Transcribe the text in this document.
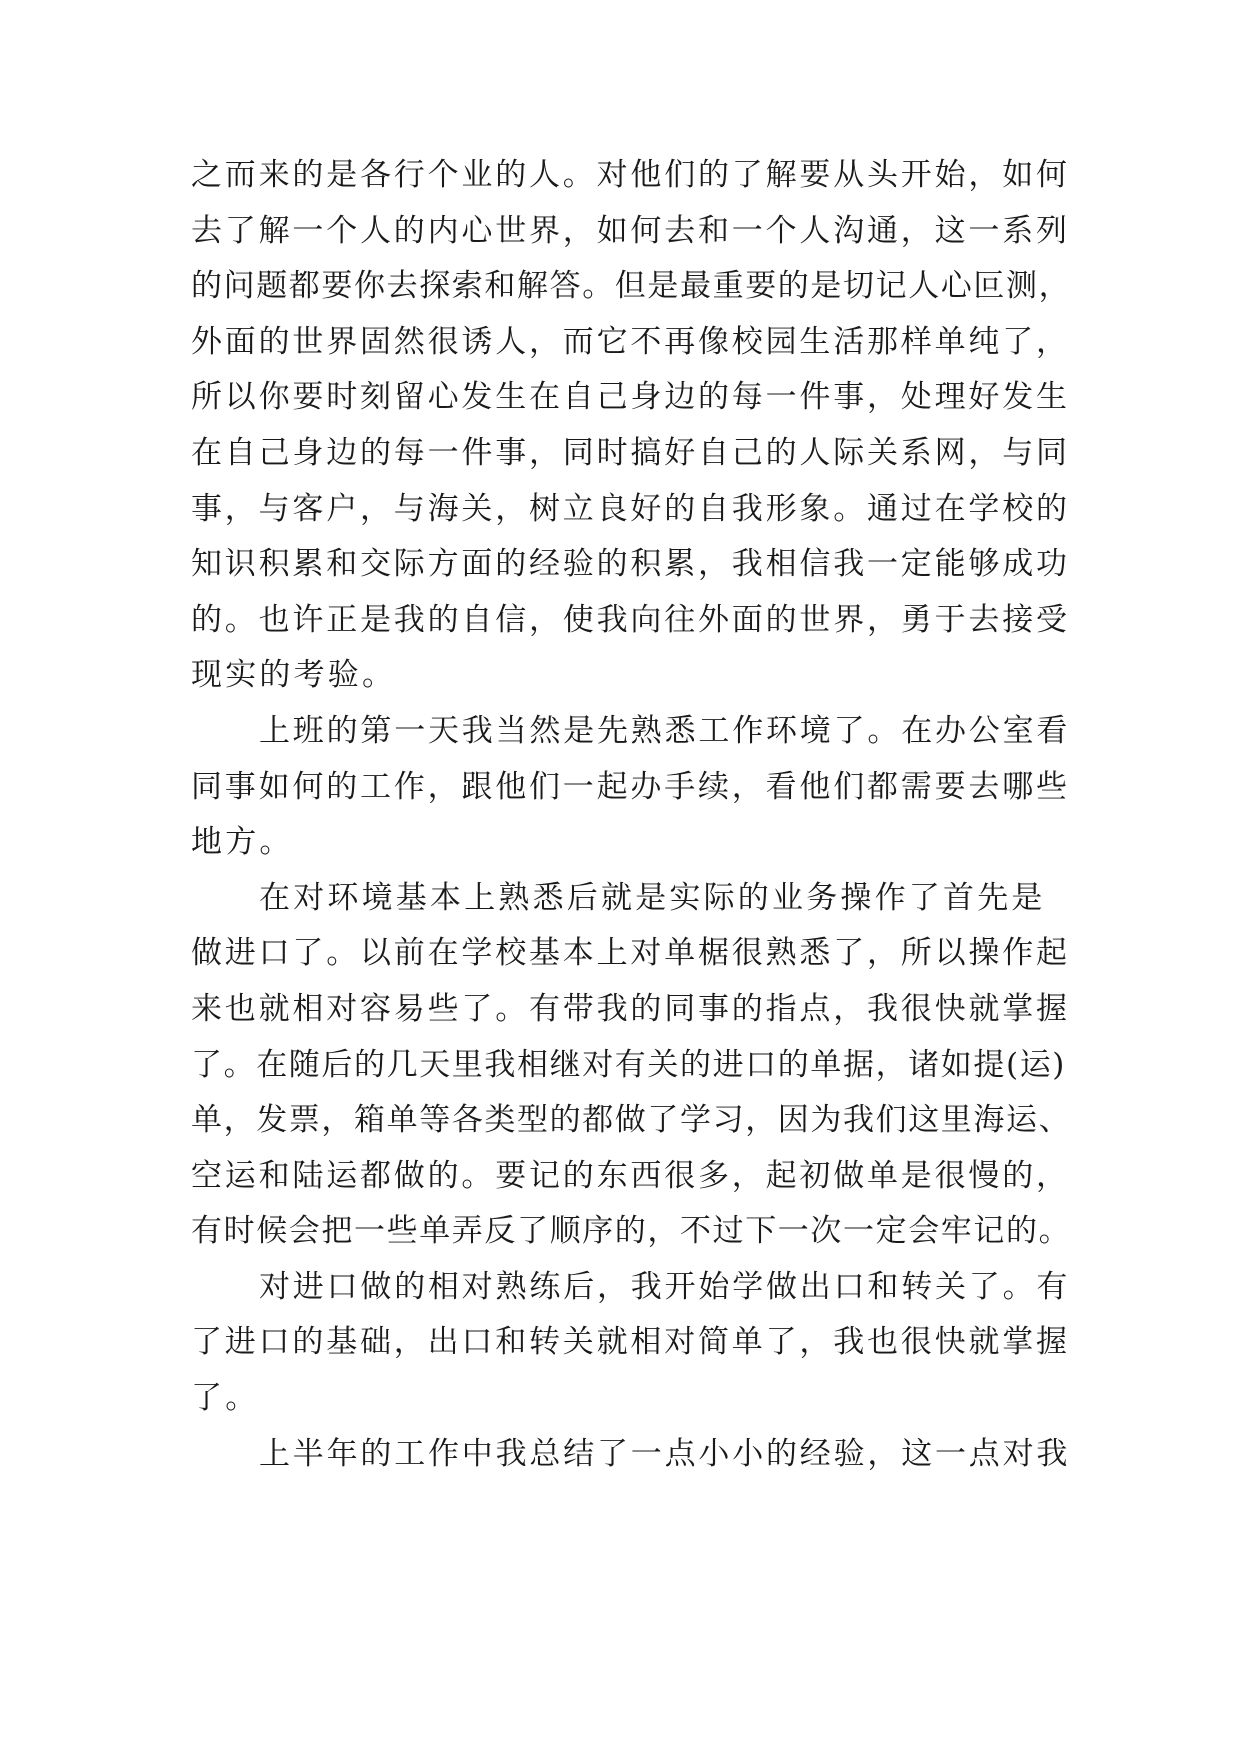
之而来的是各行个业的人。对他们的了解要从头开始，如何
去了解一个人的内心世界，如何去和一个人沟通，这一系列
的问题都要你去探索和解答。但是最重要的是切记人心叵测，
外面的世界固然很诱人，而它不再像校园生活那样单纯了，
所以你要时刻留心发生在自己身边的每一件事，处理好发生
在自己身边的每一件事，同时搞好自己的人际关系网，与同
事，与客户，与海关，树立良好的自我形象。通过在学校的
知识积累和交际方面的经验的积累，我相信我一定能够成功
的。也许正是我的自信，使我向往外面的世界，勇于去接受
现实的考验。
上班的第一天我当然是先熟悉工作环境了。在办公室看
同事如何的工作，跟他们一起办手续，看他们都需要去哪些
地方。
在对环境基本上熟悉后就是实际的业务操作了首先是
做进口了。以前在学校基本上对单椐很熟悉了，所以操作起
来也就相对容易些了。有带我的同事的指点，我很快就掌握
了。在随后的几天里我相继对有关的进口的单据，诸如提(运)
单，发票，箱单等各类型的都做了学习，因为我们这里海运、
空运和陆运都做的。要记的东西很多，起初做单是很慢的，
有时候会把一些单弄反了顺序的，不过下一次一定会牢记的。
对进口做的相对熟练后，我开始学做出口和转关了。有
了进口的基础，出口和转关就相对简单了，我也很快就掌握
了。
上半年的工作中我总结了一点小小的经验，这一点对我
